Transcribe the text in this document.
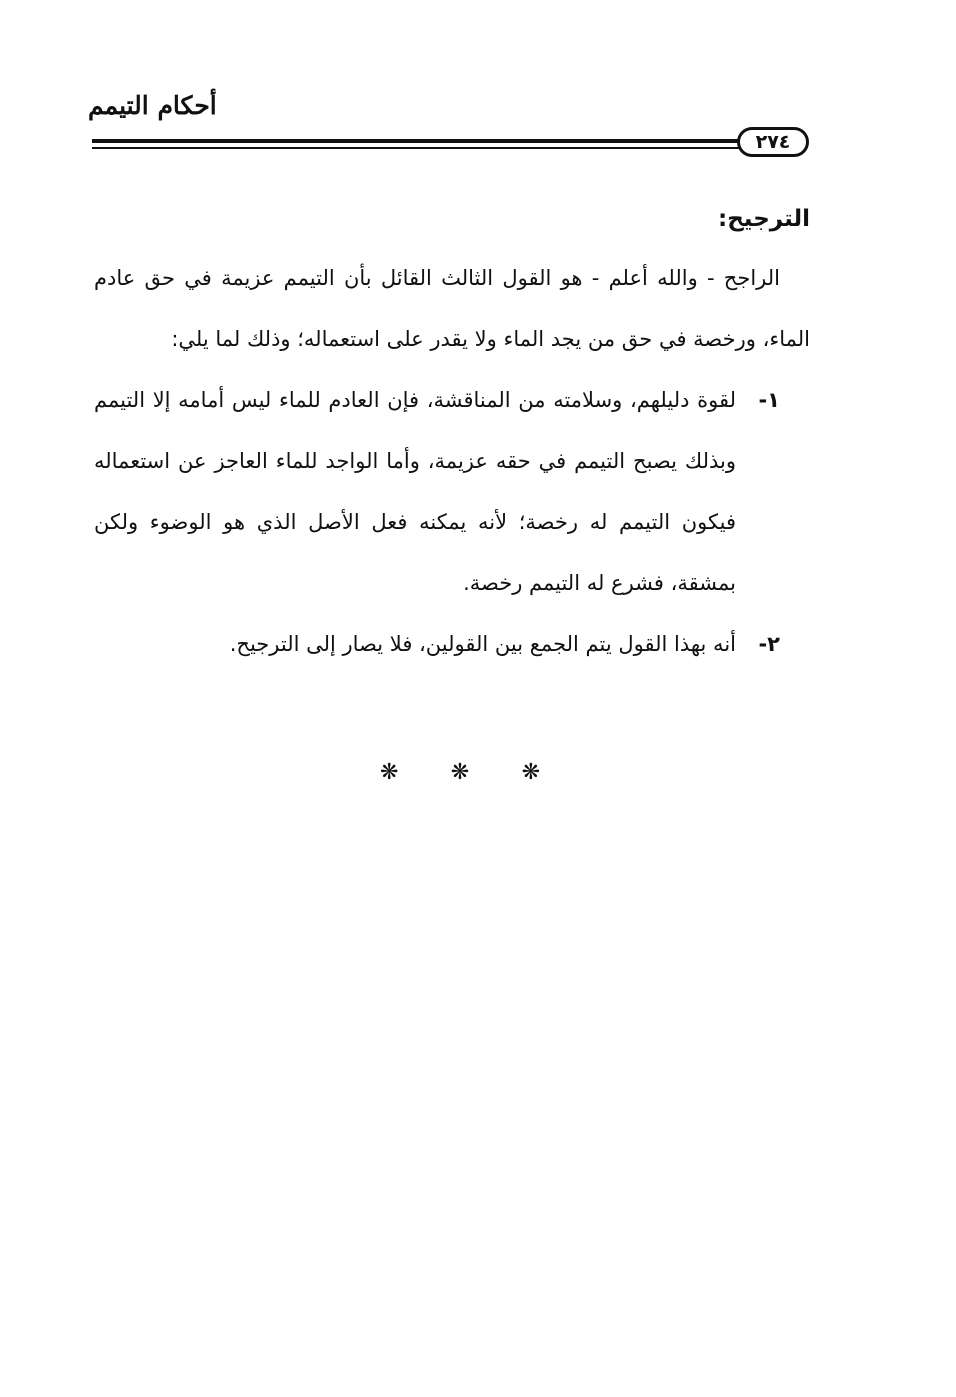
أحكام التيمم
٢٧٤
الترجيح:

الراجح - والله أعلم - هو القول الثالث القائل بأن التيمم عزيمة في حق عادم الماء، ورخصة في حق من يجد الماء ولا يقدر على استعماله؛ وذلك لما يلي:

١-
لقوة دليلهم، وسلامته من المناقشة، فإن العادم للماء ليس أمامه إلا التيمم وبذلك يصبح التيمم في حقه عزيمة، وأما الواجد للماء العاجز عن استعماله فيكون التيمم له رخصة؛ لأنه يمكنه فعل الأصل الذي هو الوضوء ولكن بمشقة، فشرع له التيمم رخصة.
٢-
أنه بهذا القول يتم الجمع بين القولين، فلا يصار إلى الترجيح.
❋ ❋ ❋
